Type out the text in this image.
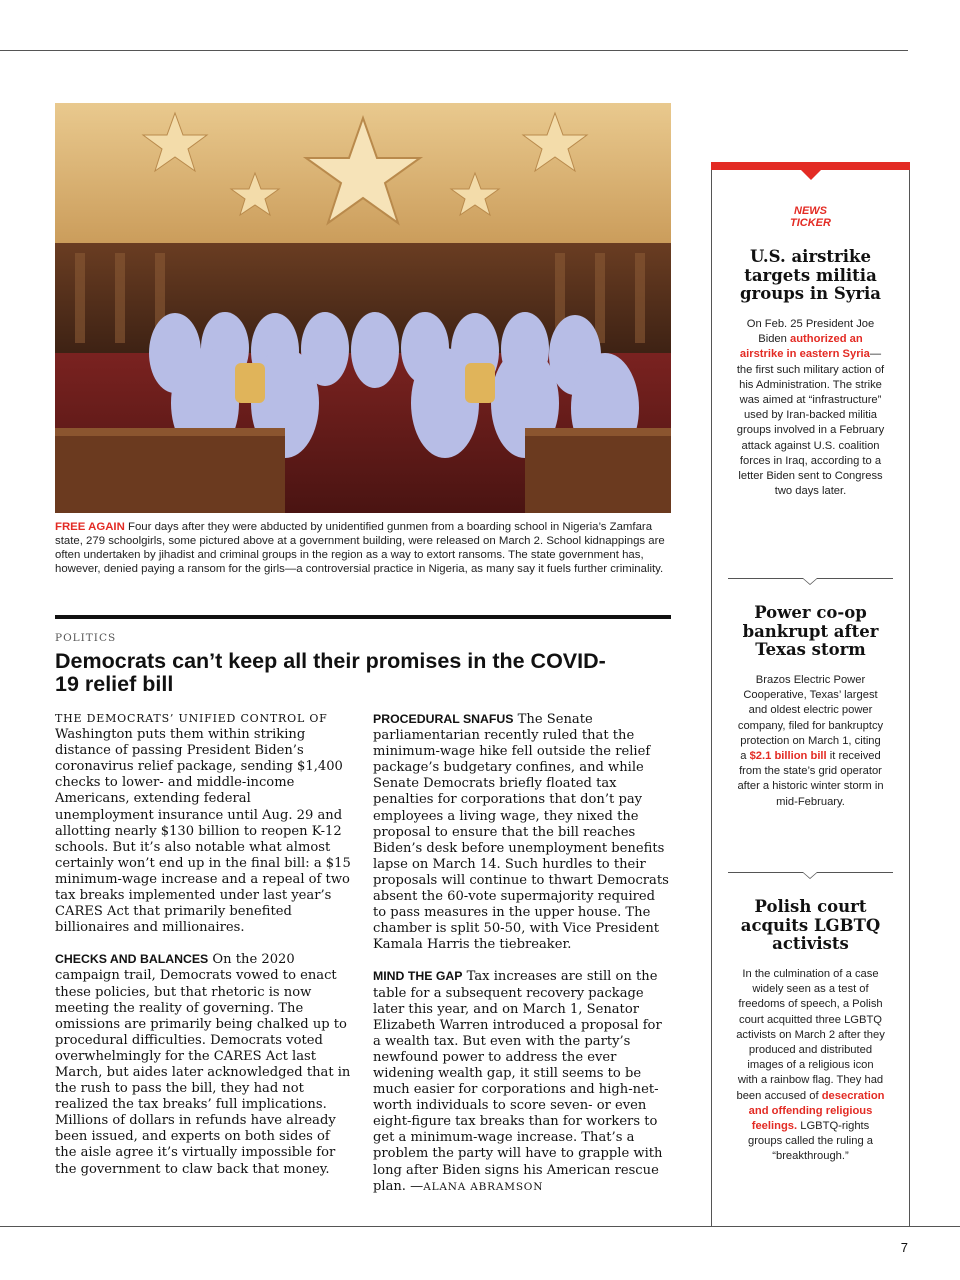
FREE AGAIN Four days after they were abducted by unidentified gunmen from a boarding school in Nigeria’s Zamfara state, 279 schoolgirls, some pictured above at a government building, were released on March 2. School kidnappings are often undertaken by jihadist and criminal groups in the region as a way to extort ransoms. The state government has, however, denied paying a ransom for the girls—a controversial practice in Nigeria, as many say it fuels further criminality.
POLITICS
Democrats can’t keep all their promises in the COVID-19 relief bill

THE DEMOCRATS’ UNIFIED CONTROL OF Washington puts them within striking distance of passing President Biden’s coronavirus relief package, sending $1,400 checks to lower- and middle-income Americans, extending federal unemployment insurance until Aug. 29 and allotting nearly $130 billion to reopen K-12 schools. But it’s also notable what almost certainly won’t end up in the final bill: a $15 minimum-wage increase and a repeal of two tax breaks implemented under last year’s CARES Act that primarily benefited billionaires and millionaires.

CHECKS AND BALANCES On the 2020 campaign trail, Democrats vowed to enact these policies, but that rhetoric is now meeting the reality of governing. The omissions are primarily being chalked up to procedural difficulties. Democrats voted overwhelmingly for the CARES Act last March, but aides later acknowledged that in the rush to pass the bill, they had not realized the tax breaks’ full implications. Millions of dollars in refunds have already been issued, and experts on both sides of the aisle agree it’s virtually impossible for the government to claw back that money.

PROCEDURAL SNAFUS The Senate parliamentarian recently ruled that the minimum-wage hike fell outside the relief package’s budgetary confines, and while Senate Democrats briefly floated tax penalties for corporations that don’t pay employees a living wage, they nixed the proposal to ensure that the bill reaches Biden’s desk before unemployment benefits lapse on March 14. Such hurdles to their proposals will continue to thwart Democrats absent the 60-vote supermajority required to pass measures in the upper house. The chamber is split 50-50, with Vice President Kamala Harris the tiebreaker.

MIND THE GAP Tax increases are still on the table for a subsequent recovery package later this year, and on March 1, Senator Elizabeth Warren introduced a proposal for a wealth tax. But even with the party’s newfound power to address the ever widening wealth gap, it still seems to be much easier for corporations and high-net-worth individuals to score seven- or even eight-figure tax breaks than for workers to get a minimum-wage increase. That’s a problem the party will have to grapple with long after Biden signs his American rescue plan. —ALANA ABRAMSON

NEWS
TICKER
U.S. airstrike targets militia groups in Syria
On Feb. 25 President Joe Biden authorized an airstrike in eastern Syria—the first such military action of his Administration. The strike was aimed at “infrastructure” used by Iran-backed militia groups involved in a February attack against U.S. coalition forces in Iraq, according to a letter Biden sent to Congress two days later.
Power co-op bankrupt after Texas storm
Brazos Electric Power Cooperative, Texas’ largest and oldest electric power company, filed for bankruptcy protection on March 1, citing a $2.1 billion bill it received from the state’s grid operator after a historic winter storm in mid-February.
Polish court acquits LGBTQ activists
In the culmination of a case widely seen as a test of freedoms of speech, a Polish court acquitted three LGBTQ activists on March 2 after they produced and distributed images of a religious icon with a rainbow flag. They had been accused of desecration and offending religious feelings. LGBTQ-rights groups called the ruling a “breakthrough.”
7
